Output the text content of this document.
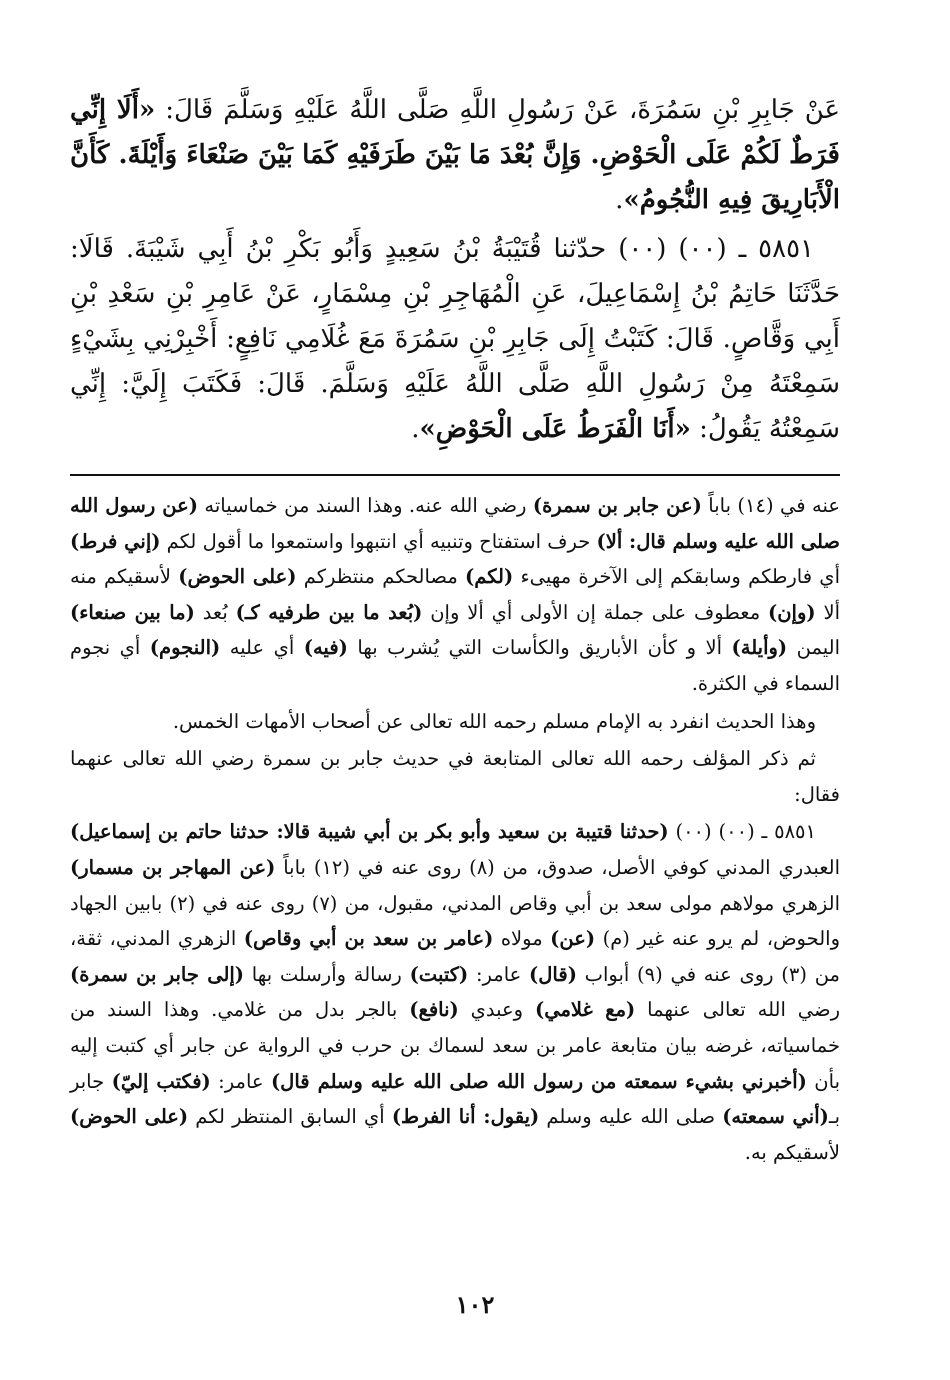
عَنْ جَابِرِ بْنِ سَمُرَةَ، عَنْ رَسُولِ اللَّهِ صَلَّى اللَّهُ عَلَيْهِ وَسَلَّمَ قَالَ: «أَلَا إِنِّي فَرَطٌ لَكُمْ عَلَى الْحَوْضِ. وَإِنَّ بُعْدَ مَا بَيْنَ طَرَفَيْهِ كَمَا بَيْنَ صَنْعَاءَ وَأَيْلَةَ. كَأَنَّ الْأَبَارِيقَ فِيهِ النُّجُومُ».

٥٨٥١ ـ (٠٠) (٠٠) حدّثنا قُتَيْبَةُ بْنُ سَعِيدٍ وَأَبُو بَكْرِ بْنُ أَبِي شَيْبَةَ. قَالَا: حَدَّثَنَا حَاتِمُ بْنُ إِسْمَاعِيلَ، عَنِ الْمُهَاجِرِ بْنِ مِسْمَارٍ، عَنْ عَامِرِ بْنِ سَعْدِ بْنِ أَبِي وَقَّاصٍ. قَالَ: كَتَبْتُ إِلَى جَابِرِ بْنِ سَمُرَةَ مَعَ غُلَامِي نَافِعٍ: أَخْبِرْنِي بِشَيْءٍ سَمِعْتَهُ مِنْ رَسُولِ اللَّهِ صَلَّى اللَّهُ عَلَيْهِ وَسَلَّمَ. قَالَ: فَكَتَبَ إِلَيَّ: إِنِّي سَمِعْتُهُ يَقُولُ: «أَنَا الْفَرَطُ عَلَى الْحَوْضِ».

عنه في (١٤) باباً (عن جابر بن سمرة) رضي الله عنه. وهذا السند من خماسياته (عن رسول الله صلى الله عليه وسلم قال: ألا) حرف استفتاح وتنبيه أي انتبهوا واستمعوا ما أقول لكم (إني فرط) أي فارطكم وسابقكم إلى الآخرة مهيىء (لكم) مصالحكم منتظركم (على الحوض) لأسقيكم منه ألا (وإن) معطوف على جملة إن الأولى أي ألا وإن (بُعد ما بين طرفيه كـ) بُعد (ما بين صنعاء) اليمن (وأيلة) ألا و كأن الأباريق والكأسات التي يُشرب بها (فيه) أي عليه (النجوم) أي نجوم السماء في الكثرة.

وهذا الحديث انفرد به الإمام مسلم رحمه الله تعالى عن أصحاب الأمهات الخمس.

ثم ذكر المؤلف رحمه الله تعالى المتابعة في حديث جابر بن سمرة رضي الله تعالى عنهما فقال:

٥٨٥١ ـ (٠٠) (٠٠) (حدثنا قتيبة بن سعيد وأبو بكر بن أبي شيبة قالا: حدثنا حاتم بن إسماعيل) العبدري المدني كوفي الأصل، صدوق، من (٨) روى عنه في (١٢) باباً (عن المهاجر بن مسمار) الزهري مولاهم مولى سعد بن أبي وقاص المدني، مقبول، من (٧) روى عنه في (٢) بابين الجهاد والحوض، لم يرو عنه غير (م) (عن) مولاه (عامر بن سعد بن أبي وقاص) الزهري المدني، ثقة، من (٣) روى عنه في (٩) أبواب (قال) عامر: (كتبت) رسالة وأرسلت بها (إلى جابر بن سمرة) رضي الله تعالى عنهما (مع غلامي) وعبدي (نافع) بالجر بدل من غلامي. وهذا السند من خماسياته، غرضه بيان متابعة عامر بن سعد لسماك بن حرب في الرواية عن جابر أي كتبت إليه بأن (أخبرني بشيء سمعته من رسول الله صلى الله عليه وسلم قال) عامر: (فكتب إليّ) جابر بـ(أني سمعته) صلى الله عليه وسلم (يقول: أنا الفرط) أي السابق المنتظر لكم (على الحوض) لأسقيكم به.

١٠٢
